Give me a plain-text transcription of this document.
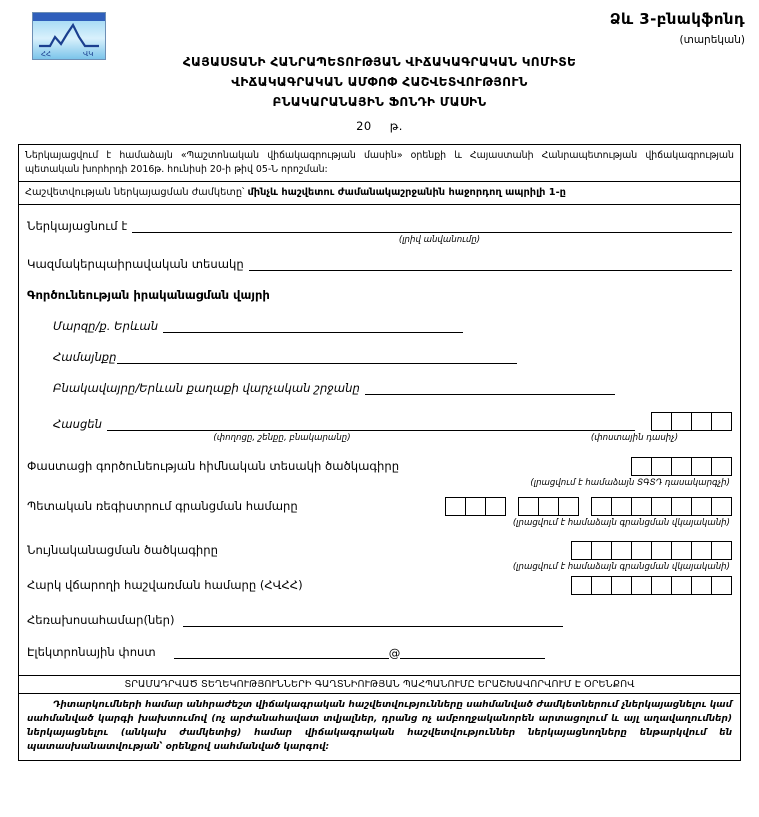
ՀՀ	ՎԿ
Ձև 3-բնակֆոնդ
(տարեկան)
ՀԱՅԱՍՏԱՆԻ ՀԱՆՐԱՊԵՏՈՒԹՅԱՆ ՎԻՃԱԿԱԳՐԱԿԱՆ ԿՈՄԻՏԵ
ՎԻՃԱԿԱԳՐԱԿԱՆ ԱՄՓՈՓ ՀԱՇՎԵՏՎՈՒԹՅՈՒՆ
ԲՆԱԿԱՐԱՆԱՅԻՆ ՖՈՆԴԻ ՄԱՍԻՆ
20 թ.
Ներկայացվում է համաձայն «Պաշտոնական վիճակագրության մասին» օրենքի և Հայաստանի Հանրապետության վիճակագրության պետական խորհրդի 2016թ. հունիսի 20-ի թիվ 05-Ն որոշման:
Հաշվետվության ներկայացման ժամկետը՝ մինչև հաշվետու ժամանակաշրջանին հաջորդող ապրիլի 1-ը
Ներկայացնում է
(լրիվ անվանումը)
Կազմակերպաիրավական տեսակը
Գործունեության իրականացման վայրի
Մարզը/ք. Երևան
Համայնքը
Բնակավայրը/Երևան քաղաքի վարչական շրջանը
Հասցեն
(փողոցը, շենքը, բնակարանը)	(փոստային դասիչ)
Փաստացի գործունեության հիմնական տեսակի ծածկագիրը
(լրացվում է համաձայն ՏԳՏԴ դասակարգչի)
Պետական ռեգիստրում գրանցման համարը
(լրացվում է համաձայն գրանցման վկայականի)
Նույնականացման ծածկագիրը
(լրացվում է համաձայն գրանցման վկայականի)
Հարկ վճարողի հաշվառման համարը (ՀՎՀՀ)
Հեռախոսահամար(ներ)
Էլեկտրոնային փոստ	@
ՏՐԱՄԱԴՐՎԱԾ ՏԵՂԵԿՈՒԹՅՈՒՆՆԵՐԻ ԳԱՂՏՆԻՈՒԹՅԱՆ ՊԱՀՊԱՆՈՒՄԸ ԵՐԱՇԽԱՎՈՐՎՈՒՄ Է ՕՐԵՆՔՈՎ
Դիտարկումների համար անհրաժեշտ վիճակագրական հաշվետվությունները սահմանված ժամկետներում չներկայացնելու կամ սահմանված կարգի խախտումով (ոչ արժանահավատ տվյալներ, դրանց ոչ ամբողջականորեն արտացոլում և այլ աղավաղումներ) ներկայացնելու (անկախ ժամկետից) համար վիճակագրական հաշվետվություններ ներկայացնողները ենթարկվում են պատասխանատվության՝ օրենքով սահմանված կարգով:
